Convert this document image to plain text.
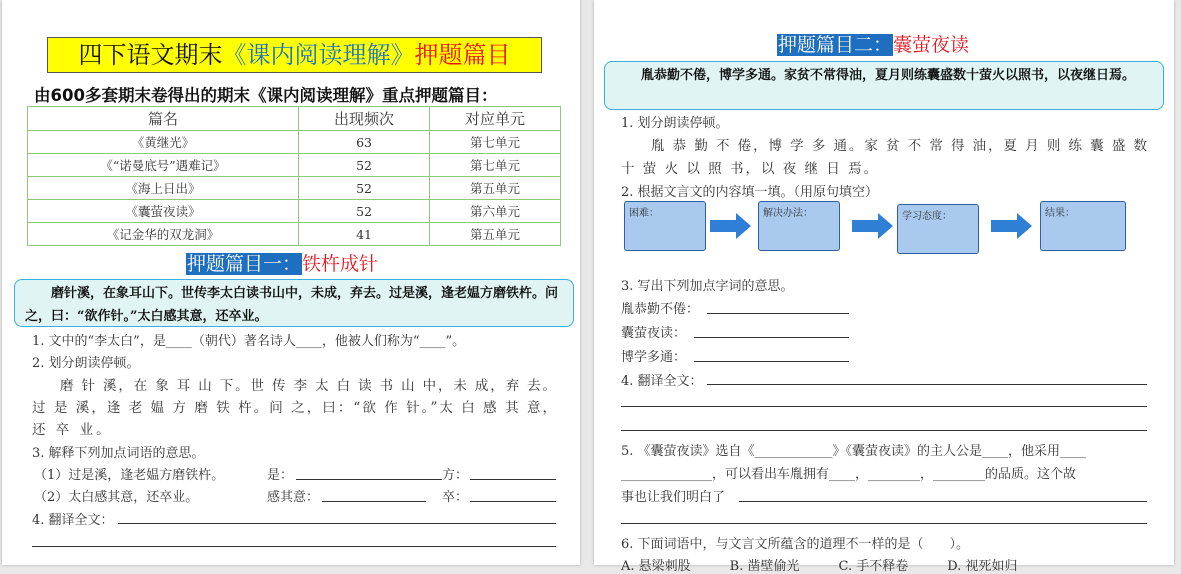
四下语文期末《课内阅读理解》押题篇目
由600多套期末卷得出的期末《课内阅读理解》重点押题篇目：
篇名	出现频次	对应单元
《黄继光》	63	第七单元
《“诺曼底号”遇难记》	52	第七单元
《海上日出》	52	第五单元
《囊萤夜读》	52	第六单元
《记金华的双龙洞》	41	第五单元
押题篇目一：铁杵成针
磨针溪，在象耳山下。世传李太白读书山中，未成，弃去。过是溪，逢老媪方磨铁杵。问之，曰：“欲作针。”太白感其意，还卒业。
1. 文中的“李太白”，是____（朝代）著名诗人____，他被人们称为“____”。
2. 划分朗读停顿。
磨 针 溪，在 象 耳 山 下。世 传 李 太 白 读 书 山 中，未 成，弃 去。
过 是 溪，逢 老 媪 方 磨 铁 杵。问 之，曰：“欲 作 针。”太 白 感 其 意，
还 卒 业。
3. 解释下列加点词语的意思。
（1）过是溪，逢老媪方磨铁杵。	是：	方：
（2）太白感其意，还卒业。	感其意：	卒：
4. 翻译全文：
押题篇目二：囊萤夜读
胤恭勤不倦，博学多通。家贫不常得油，夏月则练囊盛数十萤火以照书，以夜继日焉。
1. 划分朗读停顿。
胤 恭 勤 不 倦，博 学 多 通。家 贫 不 常 得 油，夏 月 则 练 囊 盛 数
十 萤 火 以 照 书，以 夜 继 日 焉。
2. 根据文言文的内容填一填。（用原句填空）
困难：	解决办法：	学习态度：	结果：
3. 写出下列加点字词的意思。
胤恭勤不倦：
囊萤夜读：
博学多通：
4. 翻译全文：
5. 《囊萤夜读》选自《____________》《囊萤夜读》的主人公是____，他采用____
______________，可以看出车胤拥有____，________，________的品质。这个故
事也让我们明白了
6. 下面词语中，与文言文所蕴含的道理不一样的是（　　）。
A. 悬梁刺股　　　B. 凿壁偷光　　　C. 手不释卷　　　D. 视死如归
